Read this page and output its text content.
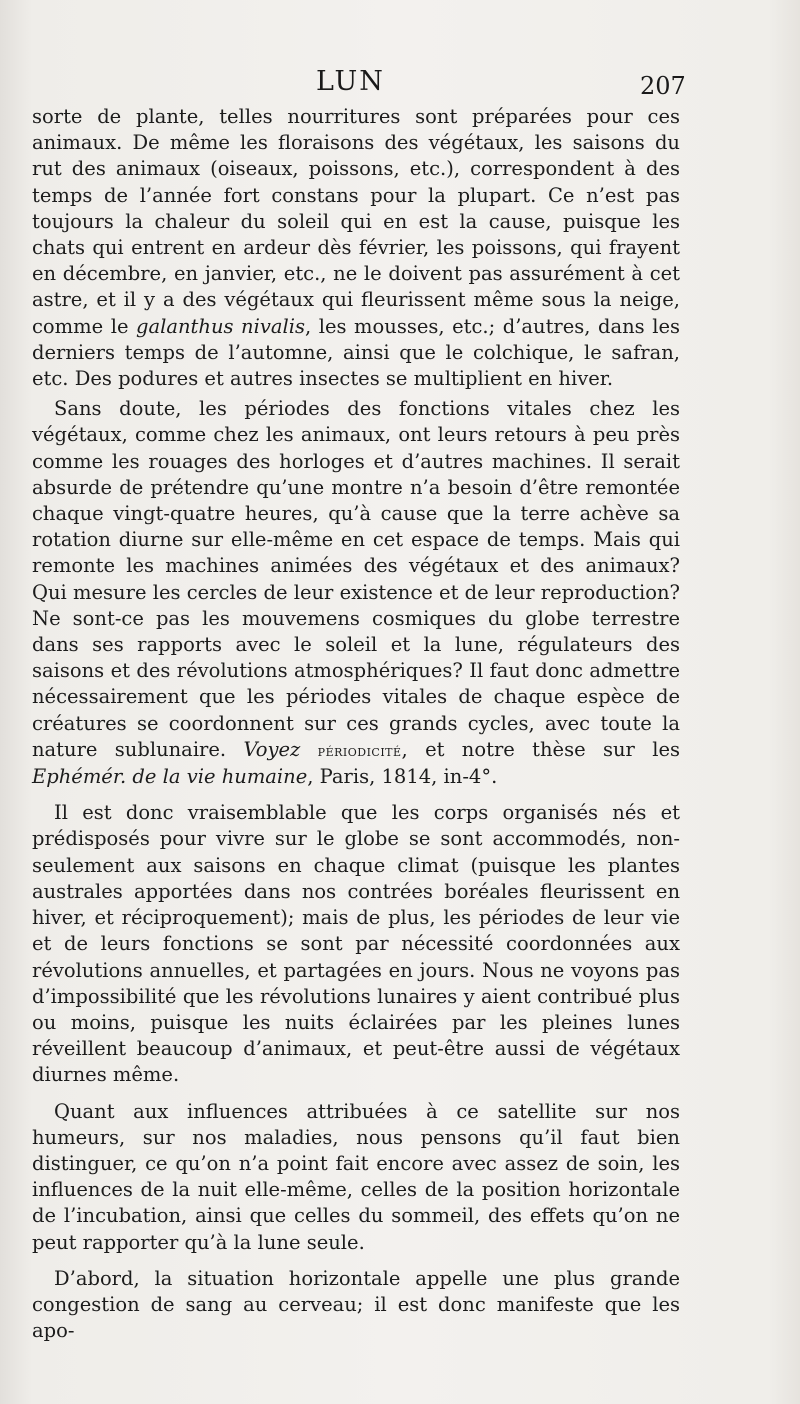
LUN	207

sorte de plante, telles nourritures sont préparées pour ces animaux. De même les floraisons des végétaux, les saisons du rut des animaux (oiseaux, poissons, etc.), correspondent à des temps de l’année fort constans pour la plupart. Ce n’est pas toujours la chaleur du soleil qui en est la cause, puisque les chats qui entrent en ardeur dès février, les poissons, qui frayent en décembre, en janvier, etc., ne le doivent pas assurément à cet astre, et il y a des végétaux qui fleurissent même sous la neige, comme le galanthus nivalis, les mousses, etc.; d’autres, dans les derniers temps de l’automne, ainsi que le colchique, le safran, etc. Des podures et autres insectes se multiplient en hiver.

Sans doute, les périodes des fonctions vitales chez les végétaux, comme chez les animaux, ont leurs retours à peu près comme les rouages des horloges et d’autres machines. Il serait absurde de prétendre qu’une montre n’a besoin d’être remontée chaque vingt-quatre heures, qu’à cause que la terre achève sa rotation diurne sur elle-même en cet espace de temps. Mais qui remonte les machines animées des végétaux et des animaux? Qui mesure les cercles de leur existence et de leur reproduction? Ne sont-ce pas les mouvemens cosmiques du globe terrestre dans ses rapports avec le soleil et la lune, régulateurs des saisons et des révolutions atmosphériques? Il faut donc admettre nécessairement que les périodes vitales de chaque espèce de créatures se coordonnent sur ces grands cycles, avec toute la nature sublunaire. Voyez périodicité, et notre thèse sur les Ephémér. de la vie humaine, Paris, 1814, in-4°.

Il est donc vraisemblable que les corps organisés nés et prédisposés pour vivre sur le globe se sont accommodés, non-seulement aux saisons en chaque climat (puisque les plantes australes apportées dans nos contrées boréales fleurissent en hiver, et réciproquement); mais de plus, les périodes de leur vie et de leurs fonctions se sont par nécessité coordonnées aux révolutions annuelles, et partagées en jours. Nous ne voyons pas d’impossibilité que les révolutions lunaires y aient contribué plus ou moins, puisque les nuits éclairées par les pleines lunes réveillent beaucoup d’animaux, et peut-être aussi de végétaux diurnes même.

Quant aux influences attribuées à ce satellite sur nos humeurs, sur nos maladies, nous pensons qu’il faut bien distinguer, ce qu’on n’a point fait encore avec assez de soin, les influences de la nuit elle-même, celles de la position horizontale de l’incubation, ainsi que celles du sommeil, des effets qu’on ne peut rapporter qu’à la lune seule.

D’abord, la situation horizontale appelle une plus grande congestion de sang au cerveau; il est donc manifeste que les apo-
